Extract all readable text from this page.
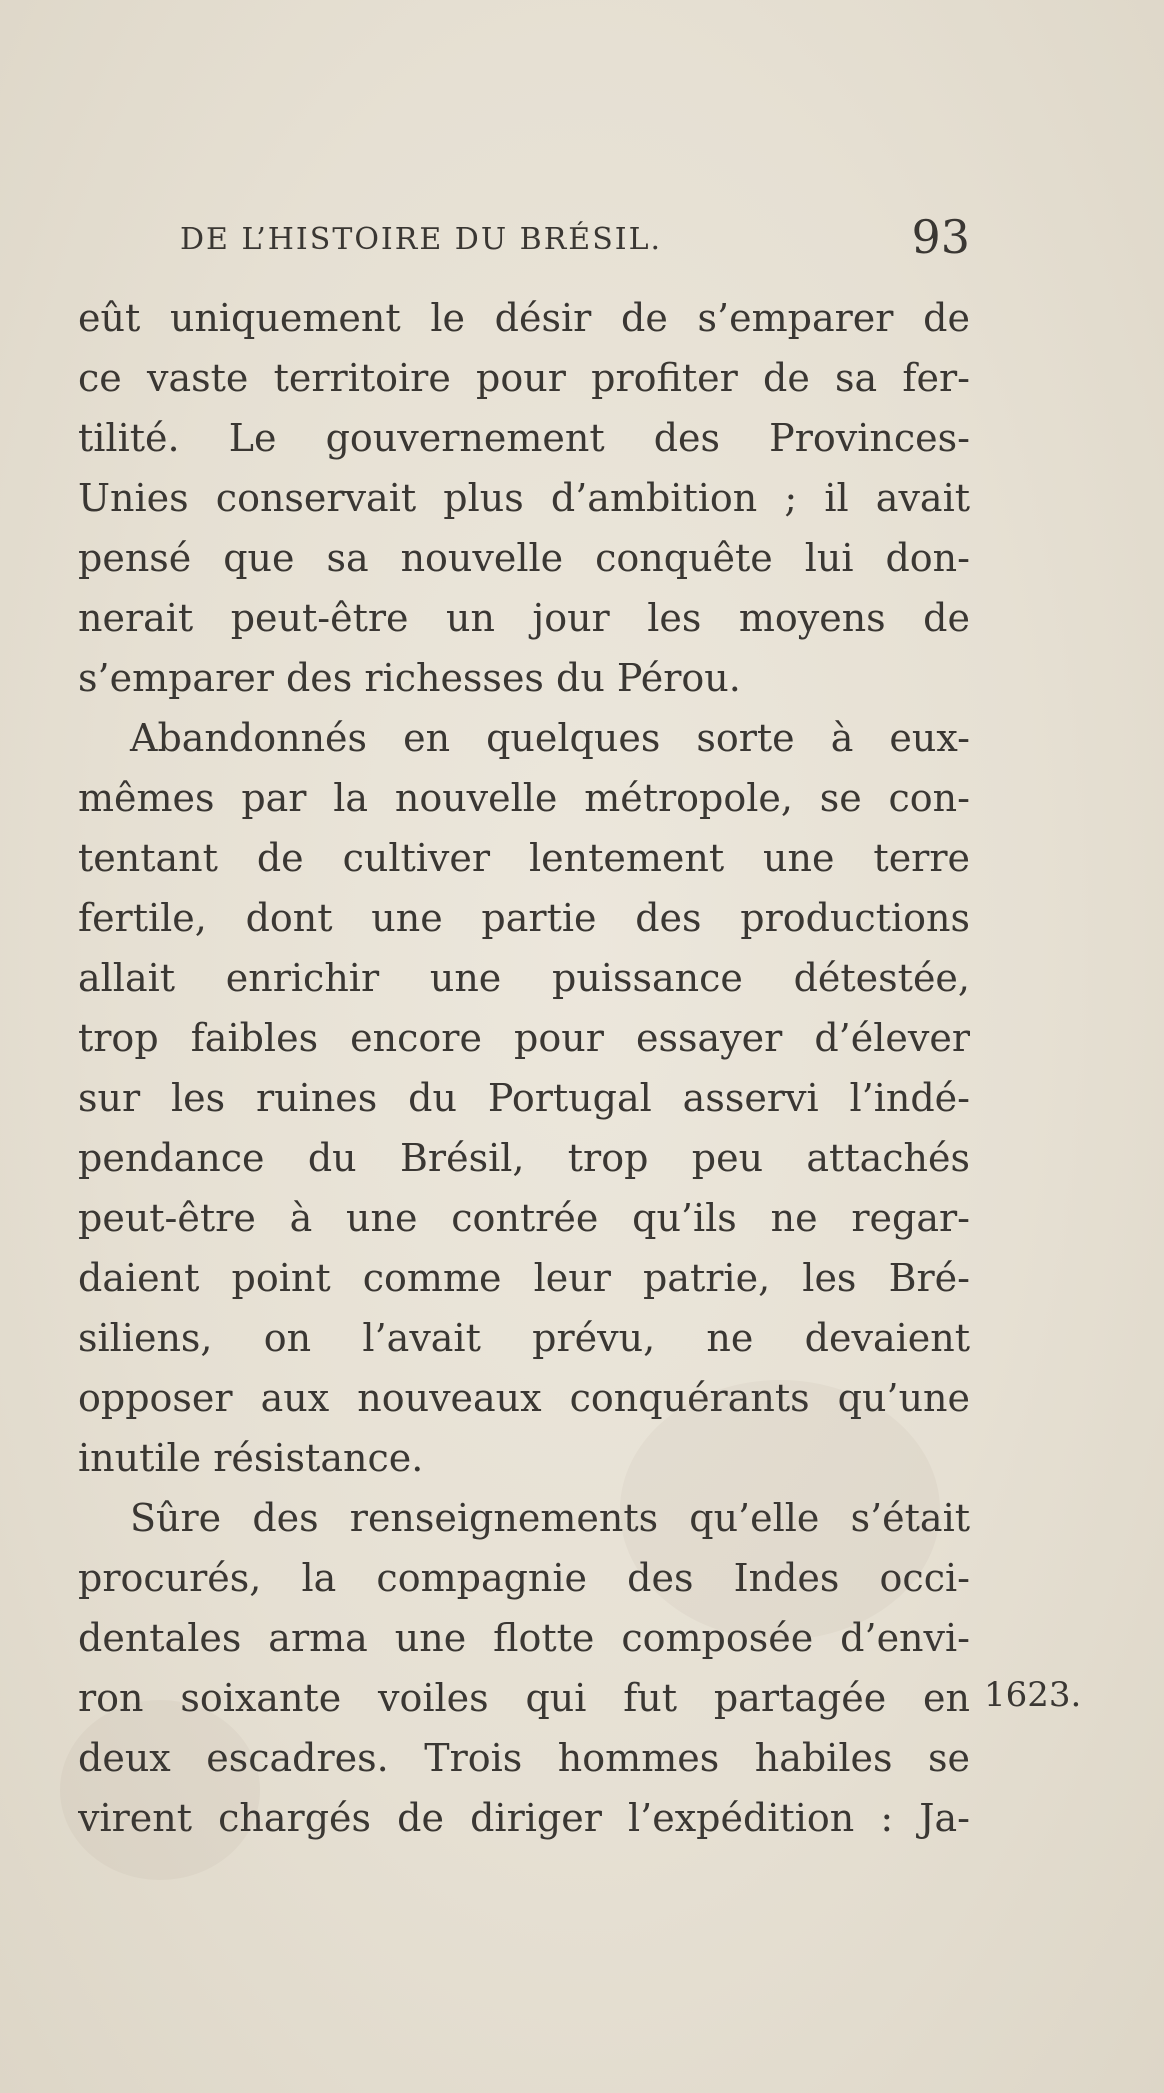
DE L’HISTOIRE DU BRÉSIL.	93
eût uniquement le désir de s’emparer de
ce vaste territoire pour profiter de sa fer-
tilité. Le gouvernement des Provinces-
Unies conservait plus d’ambition ; il avait
pensé que sa nouvelle conquête lui don-
nerait peut-être un jour les moyens de
s’emparer des richesses du Pérou.
Abandonnés en quelques sorte à eux-
mêmes par la nouvelle métropole, se con-
tentant de cultiver lentement une terre
fertile, dont une partie des productions
allait enrichir une puissance détestée,
trop faibles encore pour essayer d’élever
sur les ruines du Portugal asservi l’indé-
pendance du Brésil, trop peu attachés
peut-être à une contrée qu’ils ne regar-
daient point comme leur patrie, les Bré-
siliens, on l’avait prévu, ne devaient
opposer aux nouveaux conquérants qu’une
inutile résistance.
Sûre des renseignements qu’elle s’était
procurés, la compagnie des Indes occi-
dentales arma une flotte composée d’envi-
ron soixante voiles qui fut partagée en
deux escadres. Trois hommes habiles se
virent chargés de diriger l’expédition : Ja-
1623.
